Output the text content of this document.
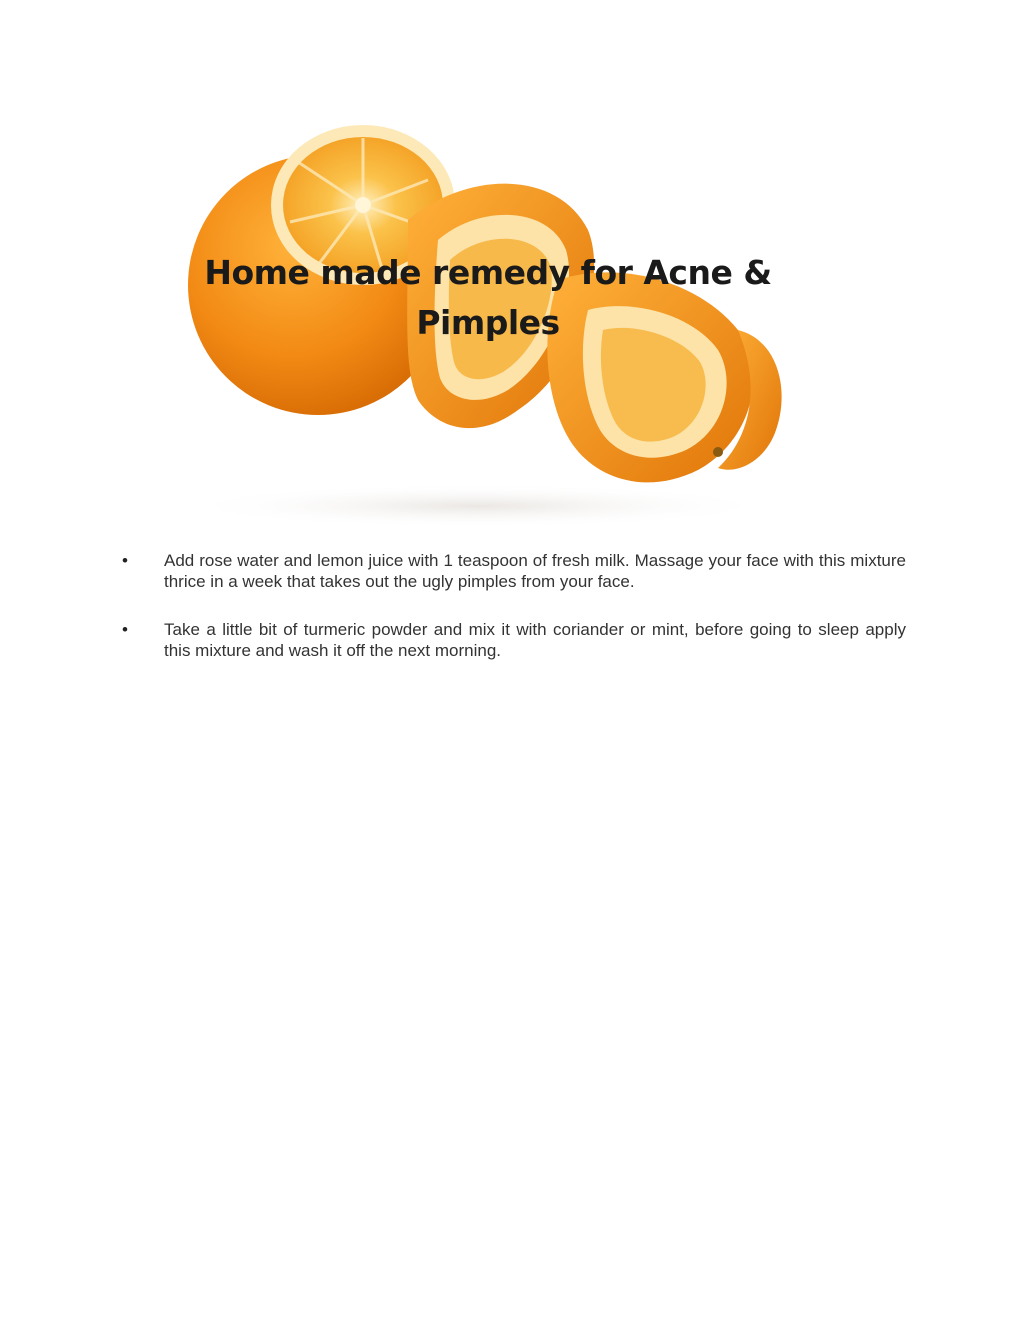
Home made remedy for Acne &
Pimples
• Add rose water and lemon juice with 1 teaspoon of fresh milk. Massage your face with this mixture thrice in a week that takes out the ugly pimples from your face.
• Take a little bit of turmeric powder and mix it with coriander or mint, before going to sleep apply this mixture and wash it off the next morning.
